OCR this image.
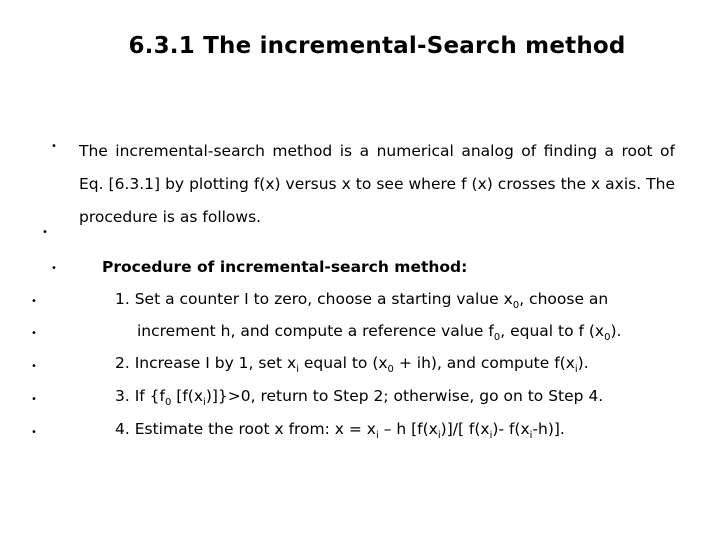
6.3.1 The incremental-Search method
• The incremental-search method is a numerical analog of finding a root of Eq. [6.3.1] by plotting f(x) versus x to see where f (x) crosses the x axis. The procedure is as follows.
•
•	Procedure of incremental-search method:
•	1. Set a counter I to zero, choose a starting value $x_0$, choose an
•	increment h, and compute a reference value $f_0$, equal to f $(x_0)$.
•	2. Increase I by 1, set $x_i$ equal to $(x_0 + ih)$, and compute $f(x_i)$.
•	3. If {$f_0$ $[f(x_i)]\}>0$, return to Step 2; otherwise, go on to Step 4.
•	4. Estimate the root x from: $x = x_i - h$ $[f(x_i)]/$[ $f(x_i)-$ $f(x_i-h)$].
